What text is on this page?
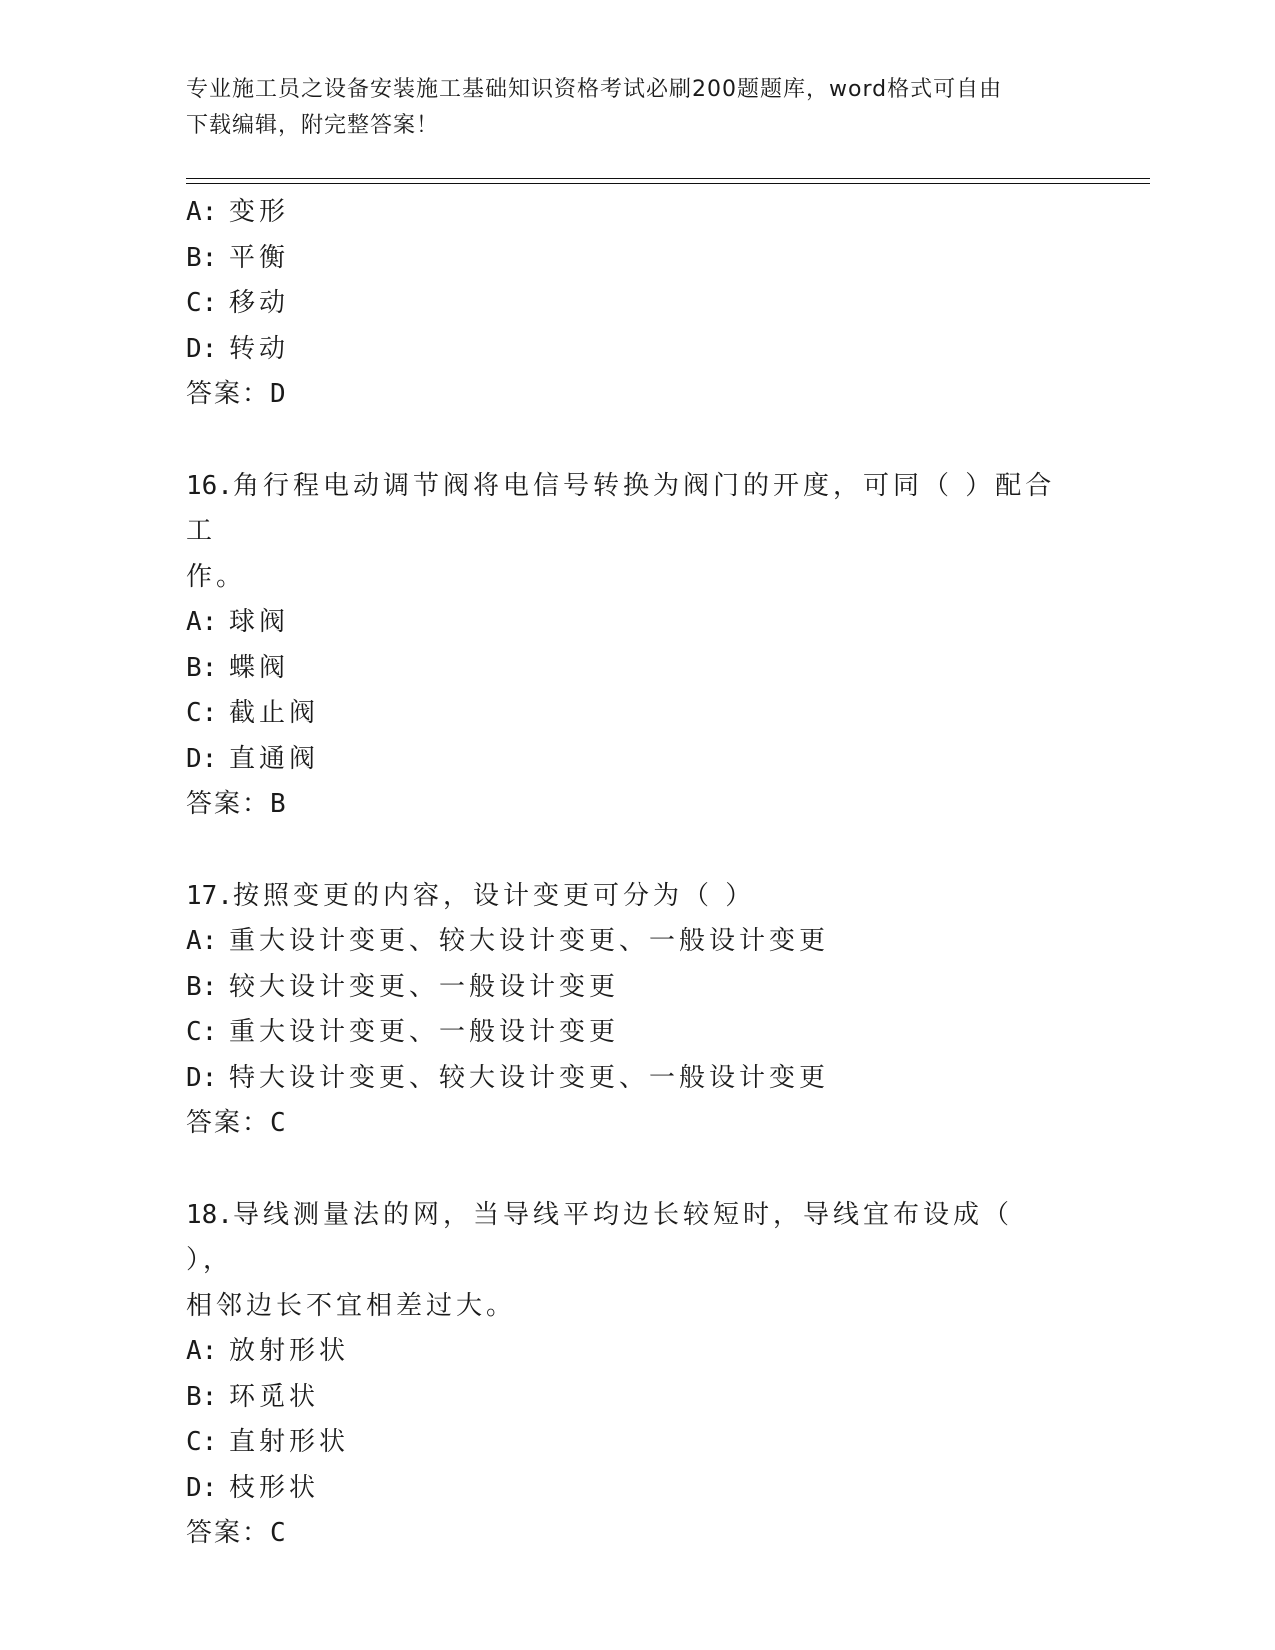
专业施工员之设备安装施工基础知识资格考试必刷200题题库，word格式可自由
下载编辑，附完整答案！
A: 变形
B: 平衡
C: 移动
D: 转动
答案：D
16.角行程电动调节阀将电信号转换为阀门的开度，可同（ ）配合工
作。
A: 球阀
B: 蝶阀
C: 截止阀
D: 直通阀
答案：B
17.按照变更的内容，设计变更可分为（ ）
A: 重大设计变更、较大设计变更、一般设计变更
B: 较大设计变更、一般设计变更
C: 重大设计变更、一般设计变更
D: 特大设计变更、较大设计变更、一般设计变更
答案：C
18.导线测量法的网，当导线平均边长较短时，导线宜布设成（ ），
相邻边长不宜相差过大。
A: 放射形状
B: 环觅状
C: 直射形状
D: 枝形状
答案：C
